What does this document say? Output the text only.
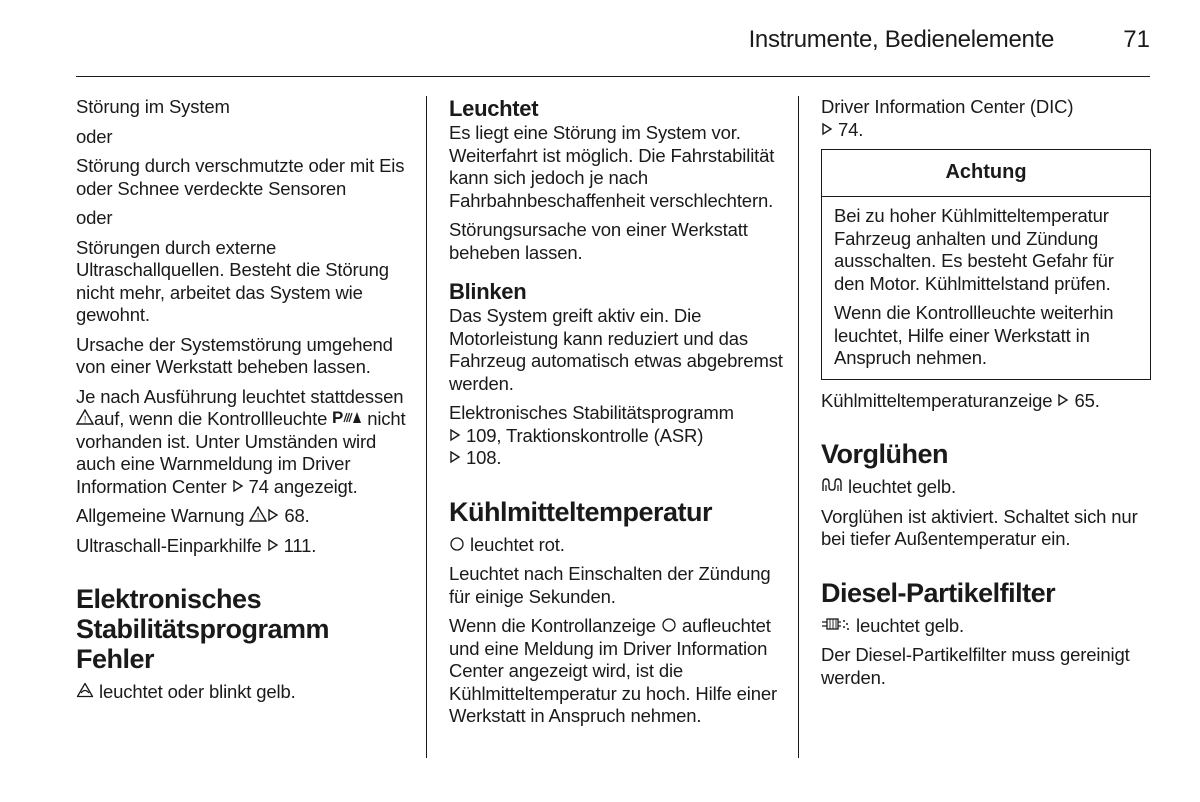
Instrumente, Bedienelemente	71

Störung im System

oder

Störung durch verschmutzte oder mit Eis oder Schnee verdeckte Sensoren

oder

Störungen durch externe Ultraschallquellen. Besteht die Störung nicht mehr, arbeitet das System wie gewohnt.

Ursache der Systemstörung umgehend von einer Werkstatt beheben lassen.

Je nach Ausführung leuchtet stattdessen
! auf, wenn die Kontrollleuchte P nicht vorhanden ist. Unter Umständen wird auch eine Warnmeldung im Driver Information Center  74 angezeigt.

Allgemeine Warnung ! 68.

Ultraschall-Einparkhilfe  111.

Elektronisches Stabilitätsprogramm Fehler

leuchtet oder blinkt gelb.

Leuchtet

Es liegt eine Störung im System vor. Weiterfahrt ist möglich. Die Fahrstabilität kann sich jedoch je nach Fahrbahnbeschaffenheit verschlechtern.

Störungsursache von einer Werkstatt beheben lassen.

Blinken

Das System greift aktiv ein. Die Motorleistung kann reduziert und das Fahrzeug automatisch etwas abgebremst werden.

Elektronisches Stabilitätsprogramm
109, Traktionskontrolle (ASR)
108.

Kühlmitteltemperatur

leuchtet rot.

Leuchtet nach Einschalten der Zündung für einige Sekunden.

Wenn die Kontrollanzeige  aufleuchtet und eine Meldung im Driver Information Center angezeigt wird, ist die Kühlmitteltemperatur zu hoch. Hilfe einer Werkstatt in Anspruch nehmen.

Driver Information Center (DIC)
74.

Achtung

Bei zu hoher Kühlmitteltemperatur Fahrzeug anhalten und Zündung ausschalten. Es besteht Gefahr für den Motor. Kühlmittelstand prüfen.

Wenn die Kontrollleuchte weiterhin leuchtet, Hilfe einer Werkstatt in Anspruch nehmen.

Kühlmitteltemperaturanzeige  65.

Vorglühen

leuchtet gelb.

Vorglühen ist aktiviert. Schaltet sich nur bei tiefer Außentemperatur ein.

Diesel-Partikelfilter

leuchtet gelb.

Der Diesel-Partikelfilter muss gereinigt werden.
